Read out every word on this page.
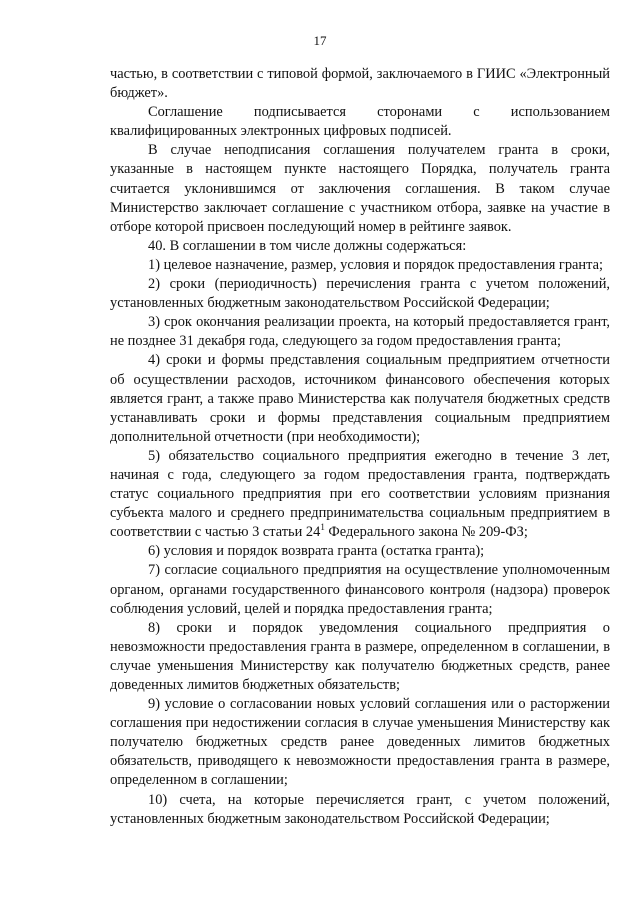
17

частью, в соответствии с типовой формой, заключаемого в ГИИС «Электронный бюджет».

Соглашение подписывается сторонами с использованием квалифицированных электронных цифровых подписей.

В случае неподписания соглашения получателем гранта в сроки, указанные в настоящем пункте настоящего Порядка, получатель гранта считается уклонившимся от заключения соглашения. В таком случае Министерство заключает соглашение с участником отбора, заявке на участие в отборе которой присвоен последующий номер в рейтинге заявок.

40. В соглашении в том числе должны содержаться:

1) целевое назначение, размер, условия и порядок предоставления гранта;

2) сроки (периодичность) перечисления гранта с учетом положений, установленных бюджетным законодательством Российской Федерации;

3) срок окончания реализации проекта, на который предоставляется грант, не позднее 31 декабря года, следующего за годом предоставления гранта;

4) сроки и формы представления социальным предприятием отчетности об осуществлении расходов, источником финансового обеспечения которых является грант, а также право Министерства как получателя бюджетных средств устанавливать сроки и формы представления социальным предприятием дополнительной отчетности (при необходимости);

5) обязательство социального предприятия ежегодно в течение 3 лет, начиная с года, следующего за годом предоставления гранта, подтверждать статус социального предприятия при его соответствии условиям признания субъекта малого и среднего предпринимательства социальным предприятием в соответствии с частью 3 статьи $24^1$ Федерального закона № 209-ФЗ;

6) условия и порядок возврата гранта (остатка гранта);

7) согласие социального предприятия на осуществление уполномоченным органом, органами государственного финансового контроля (надзора) проверок соблюдения условий, целей и порядка предоставления гранта;

8) сроки и порядок уведомления социального предприятия о невозможности предоставления гранта в размере, определенном в соглашении, в случае уменьшения Министерству как получателю бюджетных средств, ранее доведенных лимитов бюджетных обязательств;

9) условие о согласовании новых условий соглашения или о расторжении соглашения при недостижении согласия в случае уменьшения Министерству как получателю бюджетных средств ранее доведенных лимитов бюджетных обязательств, приводящего к невозможности предоставления гранта в размере, определенном в соглашении;

10) счета, на которые перечисляется грант, с учетом положений, установленных бюджетным законодательством Российской Федерации;
